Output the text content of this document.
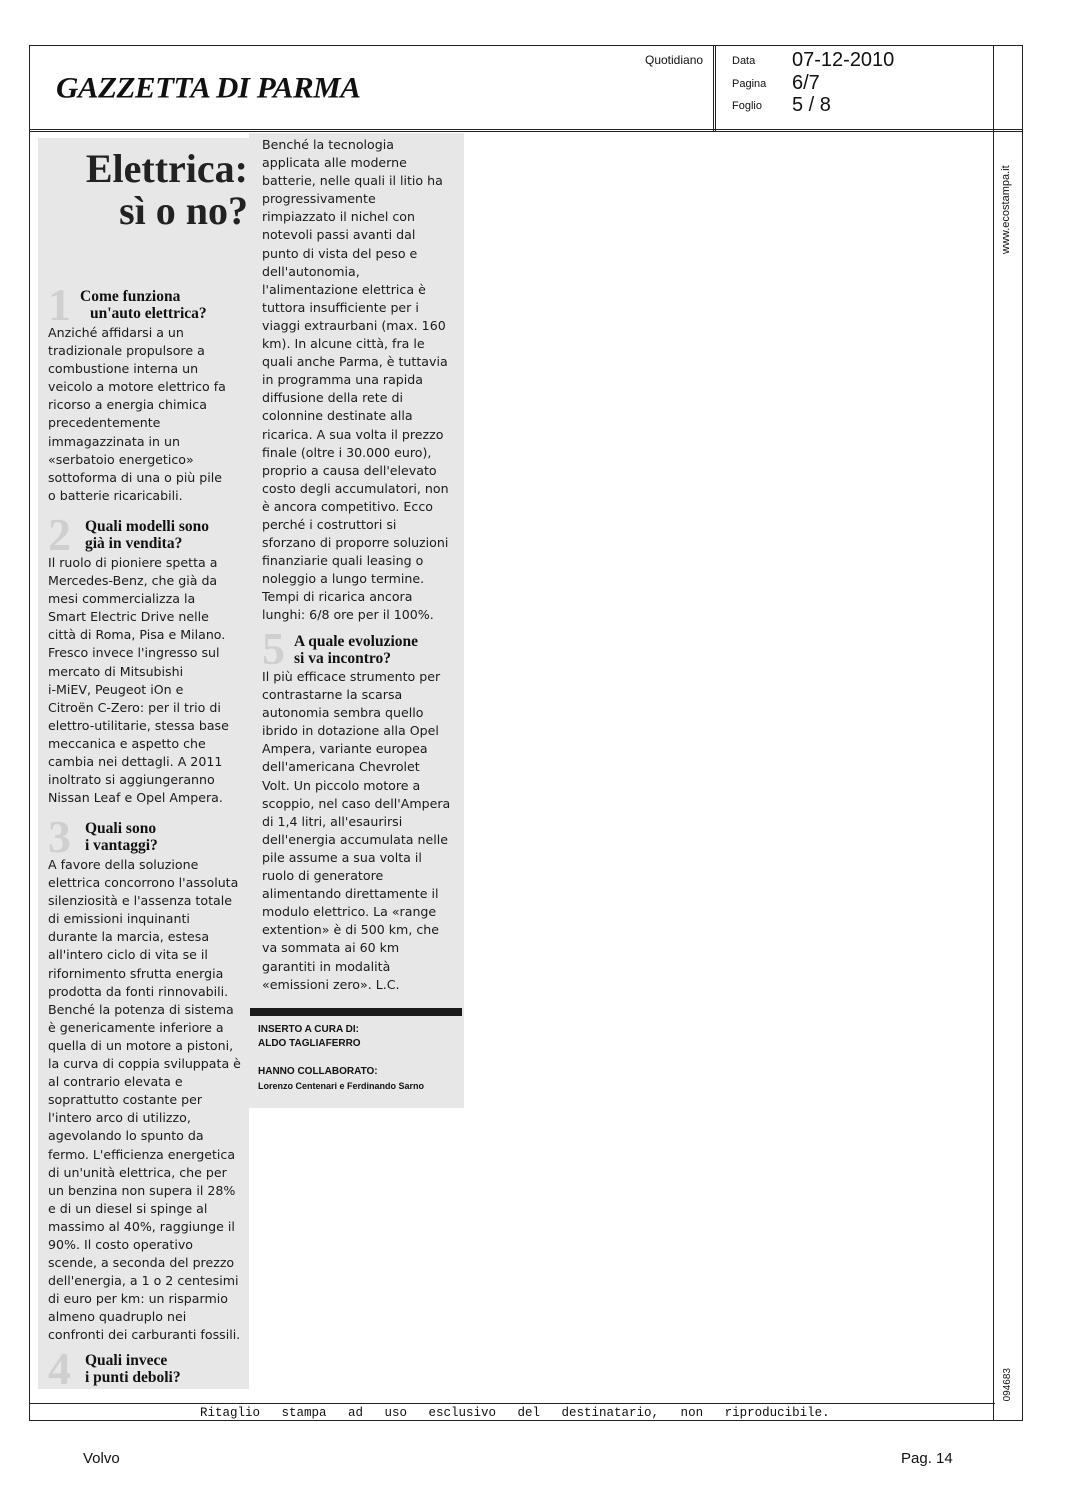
GAZZETTA DI PARMA
Quotidiano	Data 07-12-2010
Pagina 6/7
Foglio 5 / 8
www.ecostampa.it
094683
Elettrica:
sì o no?
1 Come funziona
un'auto elettrica?
Anziché affidarsi a un
tradizionale propulsore a
combustione interna un
veicolo a motore elettrico fa
ricorso a energia chimica
precedentemente
immagazzinata in un
«serbatoio energetico»
sottoforma di una o più pile
o batterie ricaricabili.
2 Quali modelli sono
già in vendita?
Il ruolo di pioniere spetta a
Mercedes-Benz, che già da
mesi commercializza la
Smart Electric Drive nelle
città di Roma, Pisa e Milano.
Fresco invece l'ingresso sul
mercato di Mitsubishi
i-MiEV, Peugeot iOn e
Citroën C-Zero: per il trio di
elettro-utilitarie, stessa base
meccanica e aspetto che
cambia nei dettagli. A 2011
inoltrato si aggiungeranno
Nissan Leaf e Opel Ampera.
3 Quali sono
i vantaggi?
A favore della soluzione
elettrica concorrono l'assoluta
silenziosità e l'assenza totale
di emissioni inquinanti
durante la marcia, estesa
all'intero ciclo di vita se il
rifornimento sfrutta energia
prodotta da fonti rinnovabili.
Benché la potenza di sistema
è genericamente inferiore a
quella di un motore a pistoni,
la curva di coppia sviluppata è
al contrario elevata e
soprattutto costante per
l'intero arco di utilizzo,
agevolando lo spunto da
fermo. L'efficienza energetica
di un'unità elettrica, che per
un benzina non supera il 28%
e di un diesel si spinge al
massimo al 40%, raggiunge il
90%. Il costo operativo
scende, a seconda del prezzo
dell'energia, a 1 o 2 centesimi
di euro per km: un risparmio
almeno quadruplo nei
confronti dei carburanti fossili.
4 Quali invece
i punti deboli?
Benché la tecnologia
applicata alle moderne
batterie, nelle quali il litio ha
progressivamente
rimpiazzato il nichel con
notevoli passi avanti dal
punto di vista del peso e
dell'autonomia,
l'alimentazione elettrica è
tuttora insufficiente per i
viaggi extraurbani (max. 160
km). In alcune città, fra le
quali anche Parma, è tuttavia
in programma una rapida
diffusione della rete di
colonnine destinate alla
ricarica. A sua volta il prezzo
finale (oltre i 30.000 euro),
proprio a causa dell'elevato
costo degli accumulatori, non
è ancora competitivo. Ecco
perché i costruttori si
sforzano di proporre soluzioni
finanziarie quali leasing o
noleggio a lungo termine.
Tempi di ricarica ancora
lunghi: 6/8 ore per il 100%.
5 A quale evoluzione
si va incontro?
Il più efficace strumento per
contrastarne la scarsa
autonomia sembra quello
ibrido in dotazione alla Opel
Ampera, variante europea
dell'americana Chevrolet
Volt. Un piccolo motore a
scoppio, nel caso dell'Ampera
di 1,4 litri, all'esaurirsi
dell'energia accumulata nelle
pile assume a sua volta il
ruolo di generatore
alimentando direttamente il
modulo elettrico. La «range
extention» è di 500 km, che
va sommata ai 60 km
garantiti in modalità
«emissioni zero». L.C.
INSERTO A CURA DI:
ALDO TAGLIAFERRO
HANNO COLLABORATO:
Lorenzo Centenari e Ferdinando Sarno
Ritaglio stampa ad uso esclusivo del destinatario, non riproducibile.
Volvo	Pag. 14
